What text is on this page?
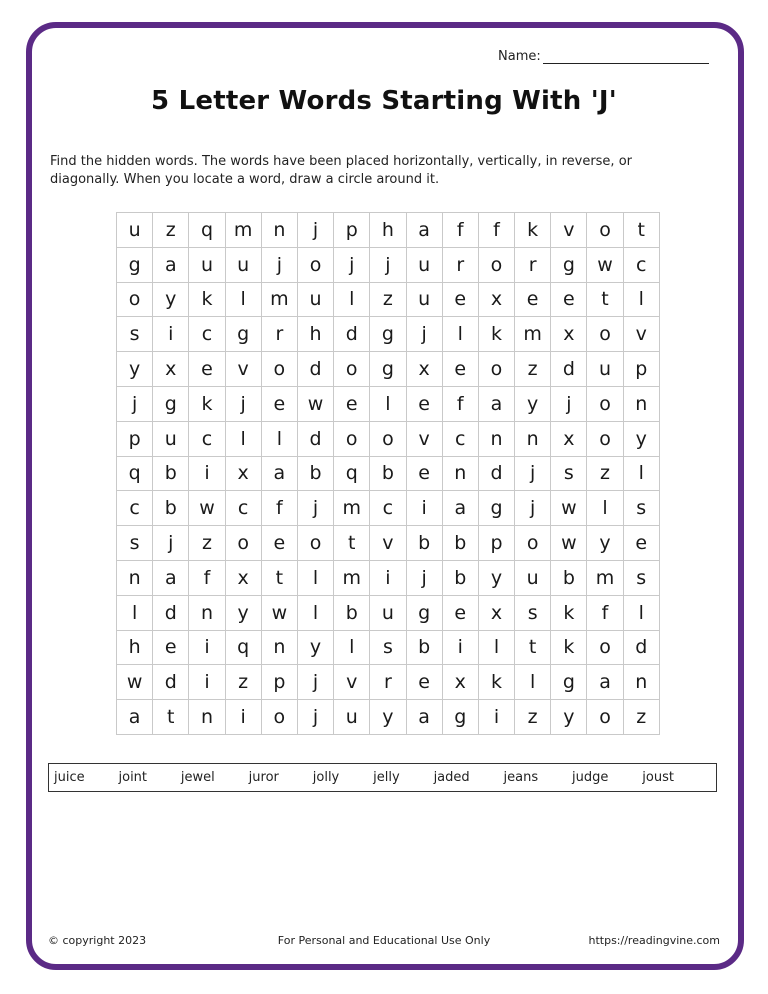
Name:
5 Letter Words Starting With 'J'
Find the hidden words. The words have been placed horizontally, vertically, in reverse, or diagonally. When you locate a word, draw a circle around it.
u	z	q	m	n	j	p	h	a	f	f	k	v	o	t
g	a	u	u	j	o	j	j	u	r	o	r	g	w	c
o	y	k	l	m	u	l	z	u	e	x	e	e	t	l
s	i	c	g	r	h	d	g	j	l	k	m	x	o	v
y	x	e	v	o	d	o	g	x	e	o	z	d	u	p
j	g	k	j	e	w	e	l	e	f	a	y	j	o	n
p	u	c	l	l	d	o	o	v	c	n	n	x	o	y
q	b	i	x	a	b	q	b	e	n	d	j	s	z	l
c	b	w	c	f	j	m	c	i	a	g	j	w	l	s
s	j	z	o	e	o	t	v	b	b	p	o	w	y	e
n	a	f	x	t	l	m	i	j	b	y	u	b	m	s
l	d	n	y	w	l	b	u	g	e	x	s	k	f	l
h	e	i	q	n	y	l	s	b	i	l	t	k	o	d
w	d	i	z	p	j	v	r	e	x	k	l	g	a	n
a	t	n	i	o	j	u	y	a	g	i	z	y	o	z
juice	joint	jewel	juror	jolly	jelly	jaded	jeans	judge	joust
© copyright 2023	For Personal and Educational Use Only	https://readingvine.com
